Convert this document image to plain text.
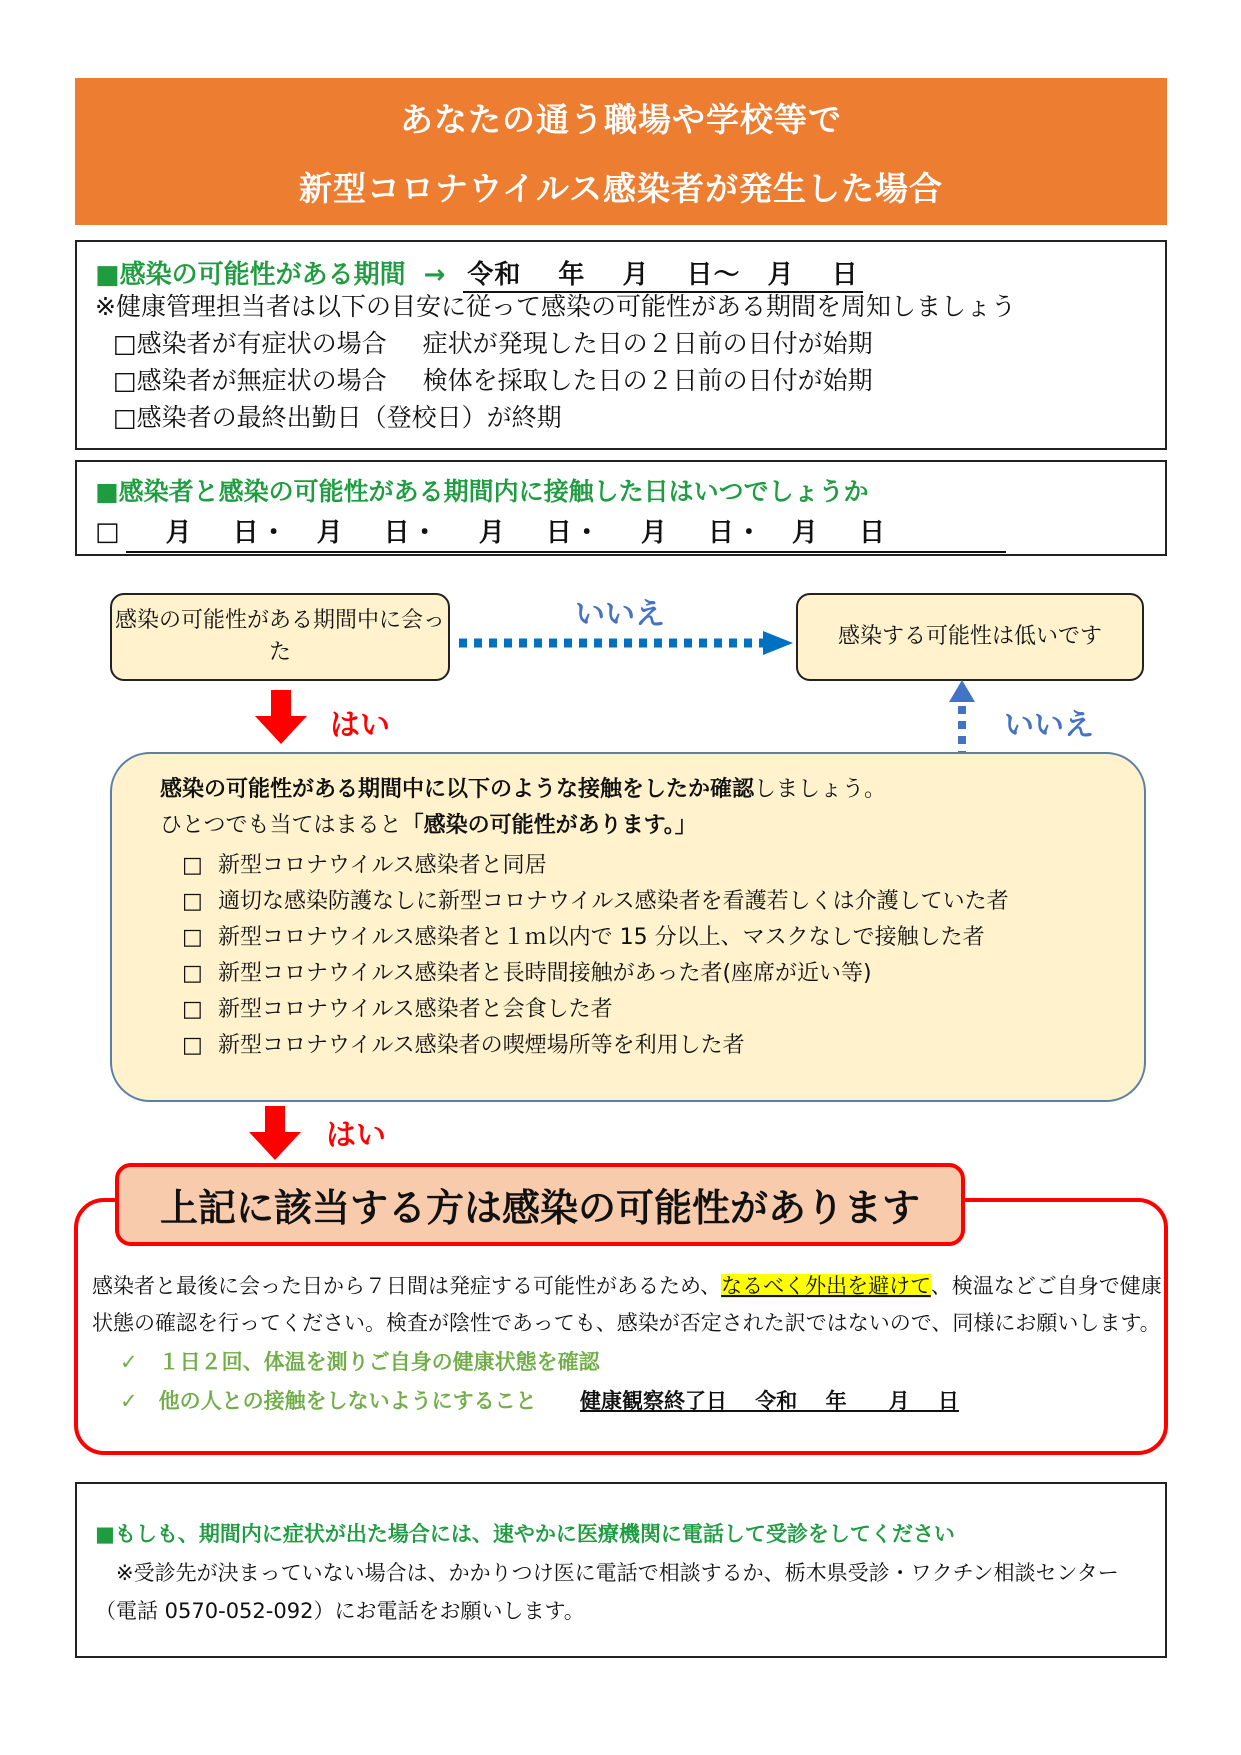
あなたの通う職場や学校等で
新型コロナウイルス感染者が発生した場合
■感染の可能性がある期間 → 令和　 年　 月　 日～　月　 日
※健康管理担当者は以下の目安に従って感染の可能性がある期間を周知しましょう
□感染者が有症状の場合 症状が発現した日の２日前の日付が始期
□感染者が無症状の場合 検体を採取した日の２日前の日付が始期
□感染者の最終出勤日（登校日）が終期
■感染者と感染の可能性がある期間内に接触した日はいつでしょうか
□	月　 日・　月　 日・　 月　 日・　 月　 日・　月　 日
感染の可能性がある期間中に会った
感染する可能性は低いです
いいえ
いいえ
はい
はい
感染の可能性がある期間中に以下のような接触をしたか確認しましょう。
ひとつでも当てはまると「感染の可能性があります。」
□ 新型コロナウイルス感染者と同居
□ 適切な感染防護なしに新型コロナウイルス感染者を看護若しくは介護していた者
□ 新型コロナウイルス感染者と１ｍ以内で 15 分以上、マスクなしで接触した者
□ 新型コロナウイルス感染者と長時間接触があった者(座席が近い等)
□ 新型コロナウイルス感染者と会食した者
□ 新型コロナウイルス感染者の喫煙場所等を利用した者
上記に該当する方は感染の可能性があります
感染者と最後に会った日から７日間は発症する可能性があるため、なるべく外出を避けて、検温などご自身で健康状態の確認を行ってください。検査が陰性であっても、感染が否定された訳ではないので、同様にお願いします。
✓　１日２回、体温を測りご自身の健康状態を確認
✓　他の人との接触をしないようにすること 健康観察終了日　 令和　 年　　月　 日
■もしも、期間内に症状が出た場合には、速やかに医療機関に電話して受診をしてください
　※受診先が決まっていない場合は、かかりつけ医に電話で相談するか、栃木県受診・ワクチン相談センター（電話 0570-052-092）にお電話をお願いします。
